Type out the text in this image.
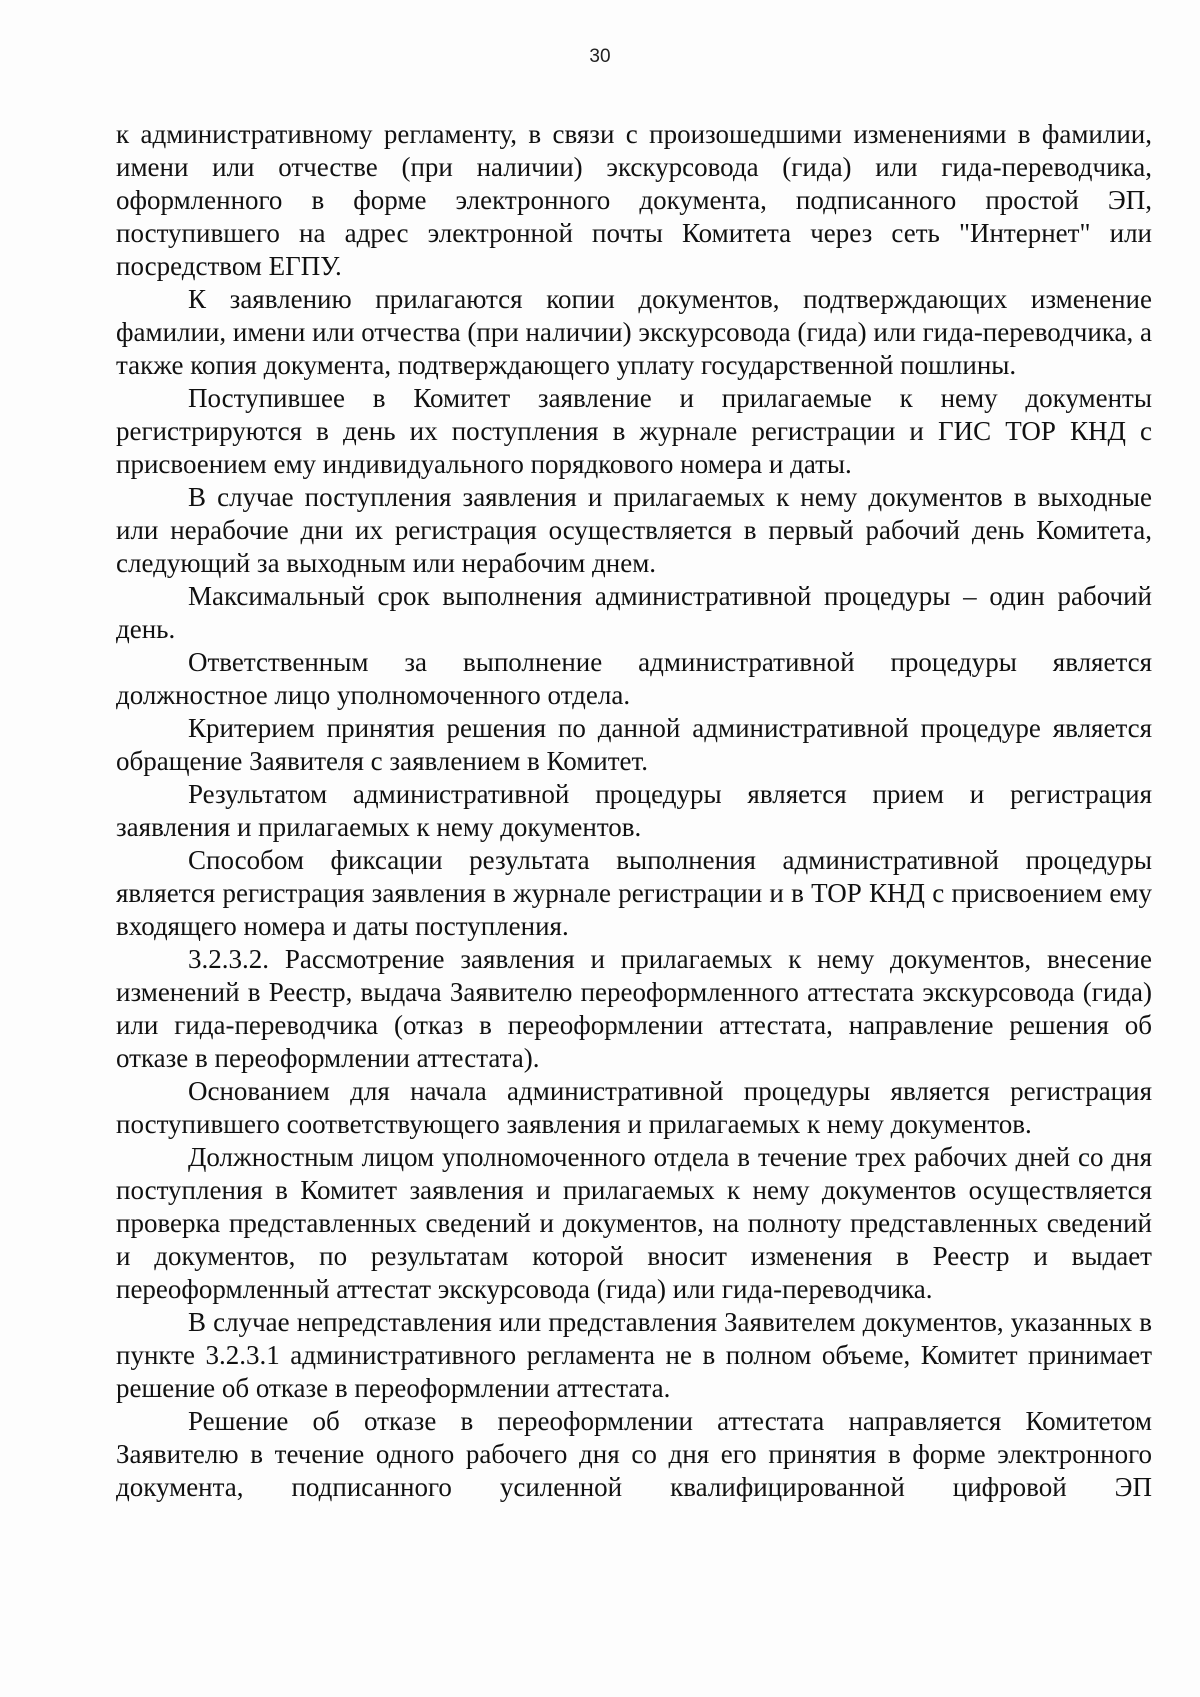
30

к административному регламенту, в связи с произошедшими изменениями в фамилии, имени или отчестве (при наличии) экскурсовода (гида) или гида-переводчика, оформленного в форме электронного документа, подписанного простой ЭП, поступившего на адрес электронной почты Комитета через сеть "Интернет" или посредством ЕГПУ.

К заявлению прилагаются копии документов, подтверждающих изменение фамилии, имени или отчества (при наличии) экскурсовода (гида) или гида-переводчика, а также копия документа, подтверждающего уплату государственной пошлины.

Поступившее в Комитет заявление и прилагаемые к нему документы регистрируются в день их поступления в журнале регистрации и ГИС ТОР КНД с присвоением ему индивидуального порядкового номера и даты.

В случае поступления заявления и прилагаемых к нему документов в выходные или нерабочие дни их регистрация осуществляется в первый рабочий день Комитета, следующий за выходным или нерабочим днем.

Максимальный срок выполнения административной процедуры – один рабочий день.

Ответственным за выполнение административной процедуры является должностное лицо уполномоченного отдела.

Критерием принятия решения по данной административной процедуре является обращение Заявителя с заявлением в Комитет.

Результатом административной процедуры является прием и регистрация заявления и прилагаемых к нему документов.

Способом фиксации результата выполнения административной процедуры является регистрация заявления в журнале регистрации и в ТОР КНД с присвоением ему входящего номера и даты поступления.

3.2.3.2. Рассмотрение заявления и прилагаемых к нему документов, внесение изменений в Реестр, выдача Заявителю переоформленного аттестата экскурсовода (гида) или гида-переводчика (отказ в переоформлении аттестата, направление решения об отказе в переоформлении аттестата).

Основанием для начала административной процедуры является регистрация поступившего соответствующего заявления и прилагаемых к нему документов.

Должностным лицом уполномоченного отдела в течение трех рабочих дней со дня поступления в Комитет заявления и прилагаемых к нему документов осуществляется проверка представленных сведений и документов, на полноту представленных сведений и документов, по результатам которой вносит изменения в Реестр и выдает переоформленный аттестат экскурсовода (гида) или гида-переводчика.

В случае непредставления или представления Заявителем документов, указанных в пункте 3.2.3.1 административного регламента не в полном объеме, Комитет принимает решение об отказе в переоформлении аттестата.

Решение об отказе в переоформлении аттестата направляется Комитетом Заявителю в течение одного рабочего дня со дня его принятия в форме электронного документа, подписанного усиленной квалифицированной цифровой ЭП
